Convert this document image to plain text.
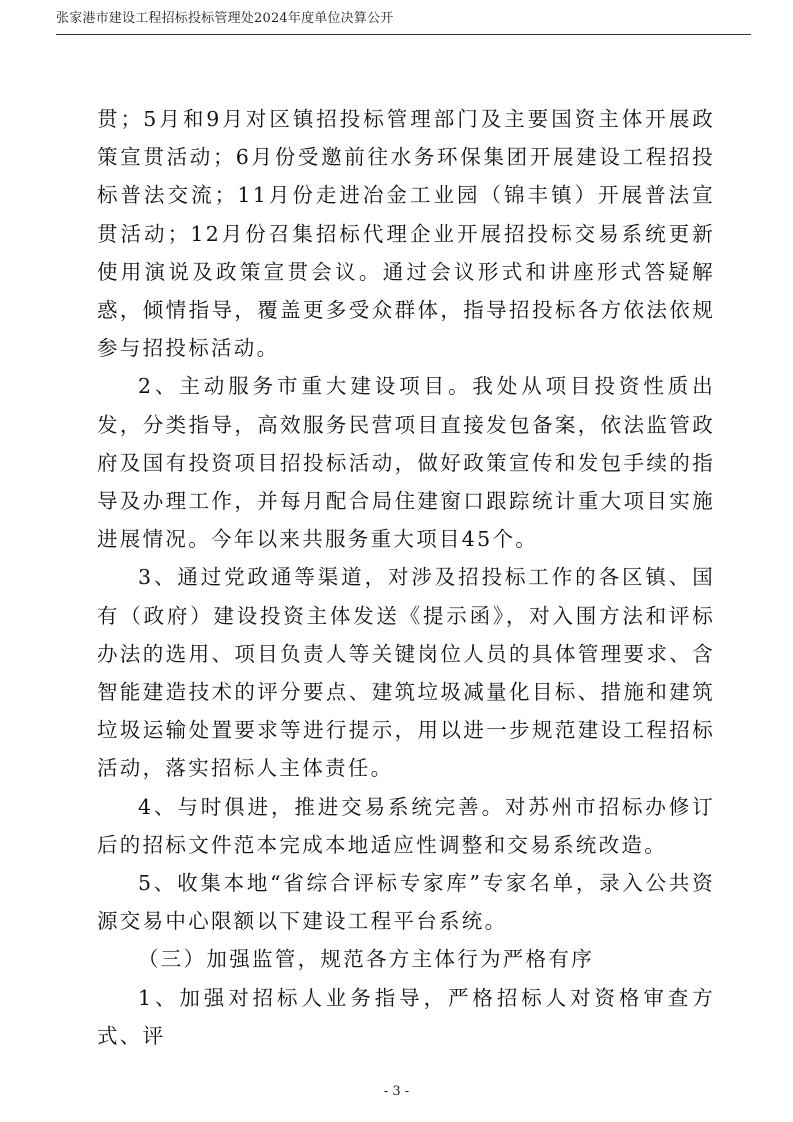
张家港市建设工程招标投标管理处2024年度单位决算公开

贯；5月和9月对区镇招投标管理部门及主要国资主体开展政策宣贯活动；6月份受邀前往水务环保集团开展建设工程招投标普法交流；11月份走进冶金工业园（锦丰镇）开展普法宣贯活动；12月份召集招标代理企业开展招投标交易系统更新使用演说及政策宣贯会议。通过会议形式和讲座形式答疑解惑，倾情指导，覆盖更多受众群体，指导招投标各方依法依规参与招投标活动。

2、主动服务市重大建设项目。我处从项目投资性质出发，分类指导，高效服务民营项目直接发包备案，依法监管政府及国有投资项目招投标活动，做好政策宣传和发包手续的指导及办理工作，并每月配合局住建窗口跟踪统计重大项目实施进展情况。今年以来共服务重大项目45个。

3、通过党政通等渠道，对涉及招投标工作的各区镇、国有（政府）建设投资主体发送《提示函》，对入围方法和评标办法的选用、项目负责人等关键岗位人员的具体管理要求、含智能建造技术的评分要点、建筑垃圾减量化目标、措施和建筑垃圾运输处置要求等进行提示，用以进一步规范建设工程招标活动，落实招标人主体责任。

4、与时俱进，推进交易系统完善。对苏州市招标办修订后的招标文件范本完成本地适应性调整和交易系统改造。

5、收集本地“省综合评标专家库”专家名单，录入公共资源交易中心限额以下建设工程平台系统。

（三）加强监管，规范各方主体行为严格有序

1、加强对招标人业务指导，严格招标人对资格审查方式、评

- 3 -
